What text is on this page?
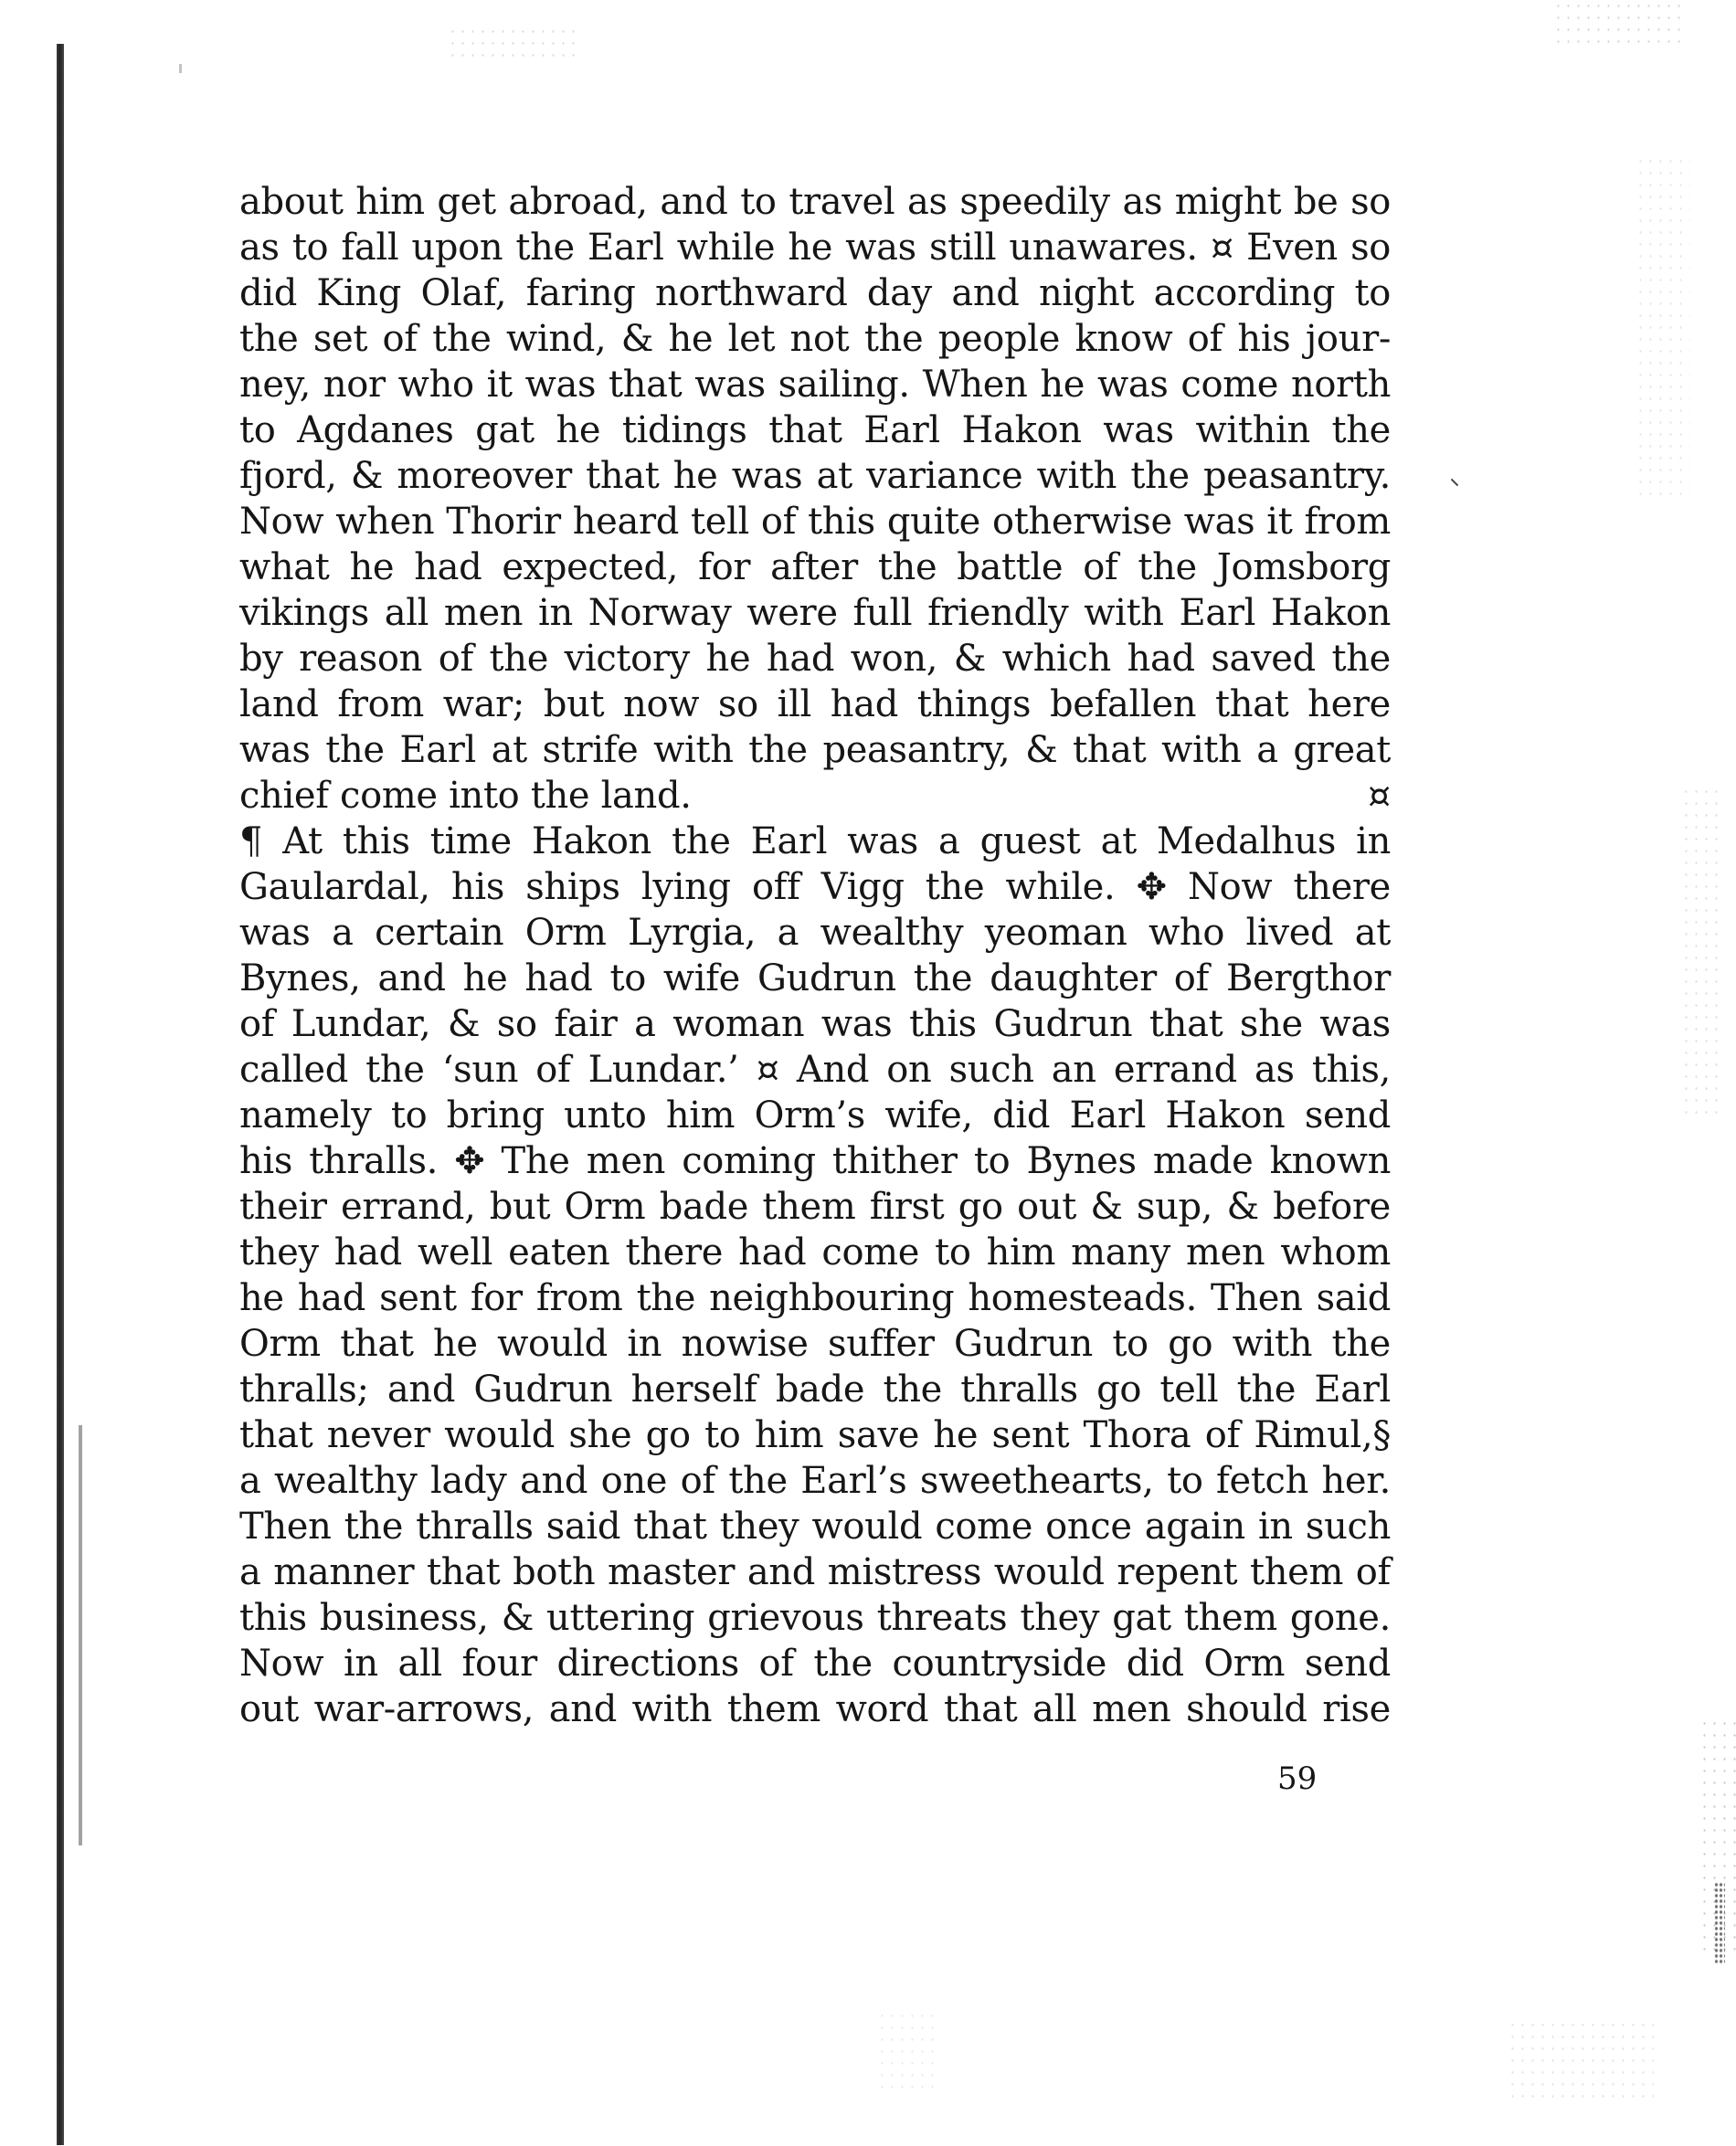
about him get abroad, and to travel as speedily as might be so
as to fall upon the Earl while he was still unawares. ¤ Even so
did King Olaf, faring northward day and night according to
the set of the wind, & he let not the people know of his jour-
ney, nor who it was that was sailing. When he was come north
to Agdanes gat he tidings that Earl Hakon was within the
fjord, & moreover that he was at variance with the peasantry.
Now when Thorir heard tell of this quite otherwise was it from
what he had expected, for after the battle of the Jomsborg
vikings all men in Norway were full friendly with Earl Hakon
by reason of the victory he had won, & which had saved the
land from war; but now so ill had things befallen that here
was the Earl at strife with the peasantry, & that with a great
chief come into the land.	¤
¶ At this time Hakon the Earl was a guest at Medalhus in
Gaulardal, his ships lying off Vigg the while. ✥ Now there
was a certain Orm Lyrgia, a wealthy yeoman who lived at
Bynes, and he had to wife Gudrun the daughter of Bergthor
of Lundar, & so fair a woman was this Gudrun that she was
called the ‘sun of Lundar.’ ¤ And on such an errand as this,
namely to bring unto him Orm’s wife, did Earl Hakon send
his thralls. ✥ The men coming thither to Bynes made known
their errand, but Orm bade them first go out & sup, & before
they had well eaten there had come to him many men whom
he had sent for from the neighbouring homesteads. Then said
Orm that he would in nowise suffer Gudrun to go with the
thralls; and Gudrun herself bade the thralls go tell the Earl
that never would she go to him save he sent Thora of Rimul,§
a wealthy lady and one of the Earl’s sweethearts, to fetch her.
Then the thralls said that they would come once again in such
a manner that both master and mistress would repent them of
this business, & uttering grievous threats they gat them gone.
Now in all four directions of the countryside did Orm send
out war-arrows, and with them word that all men should rise
59
